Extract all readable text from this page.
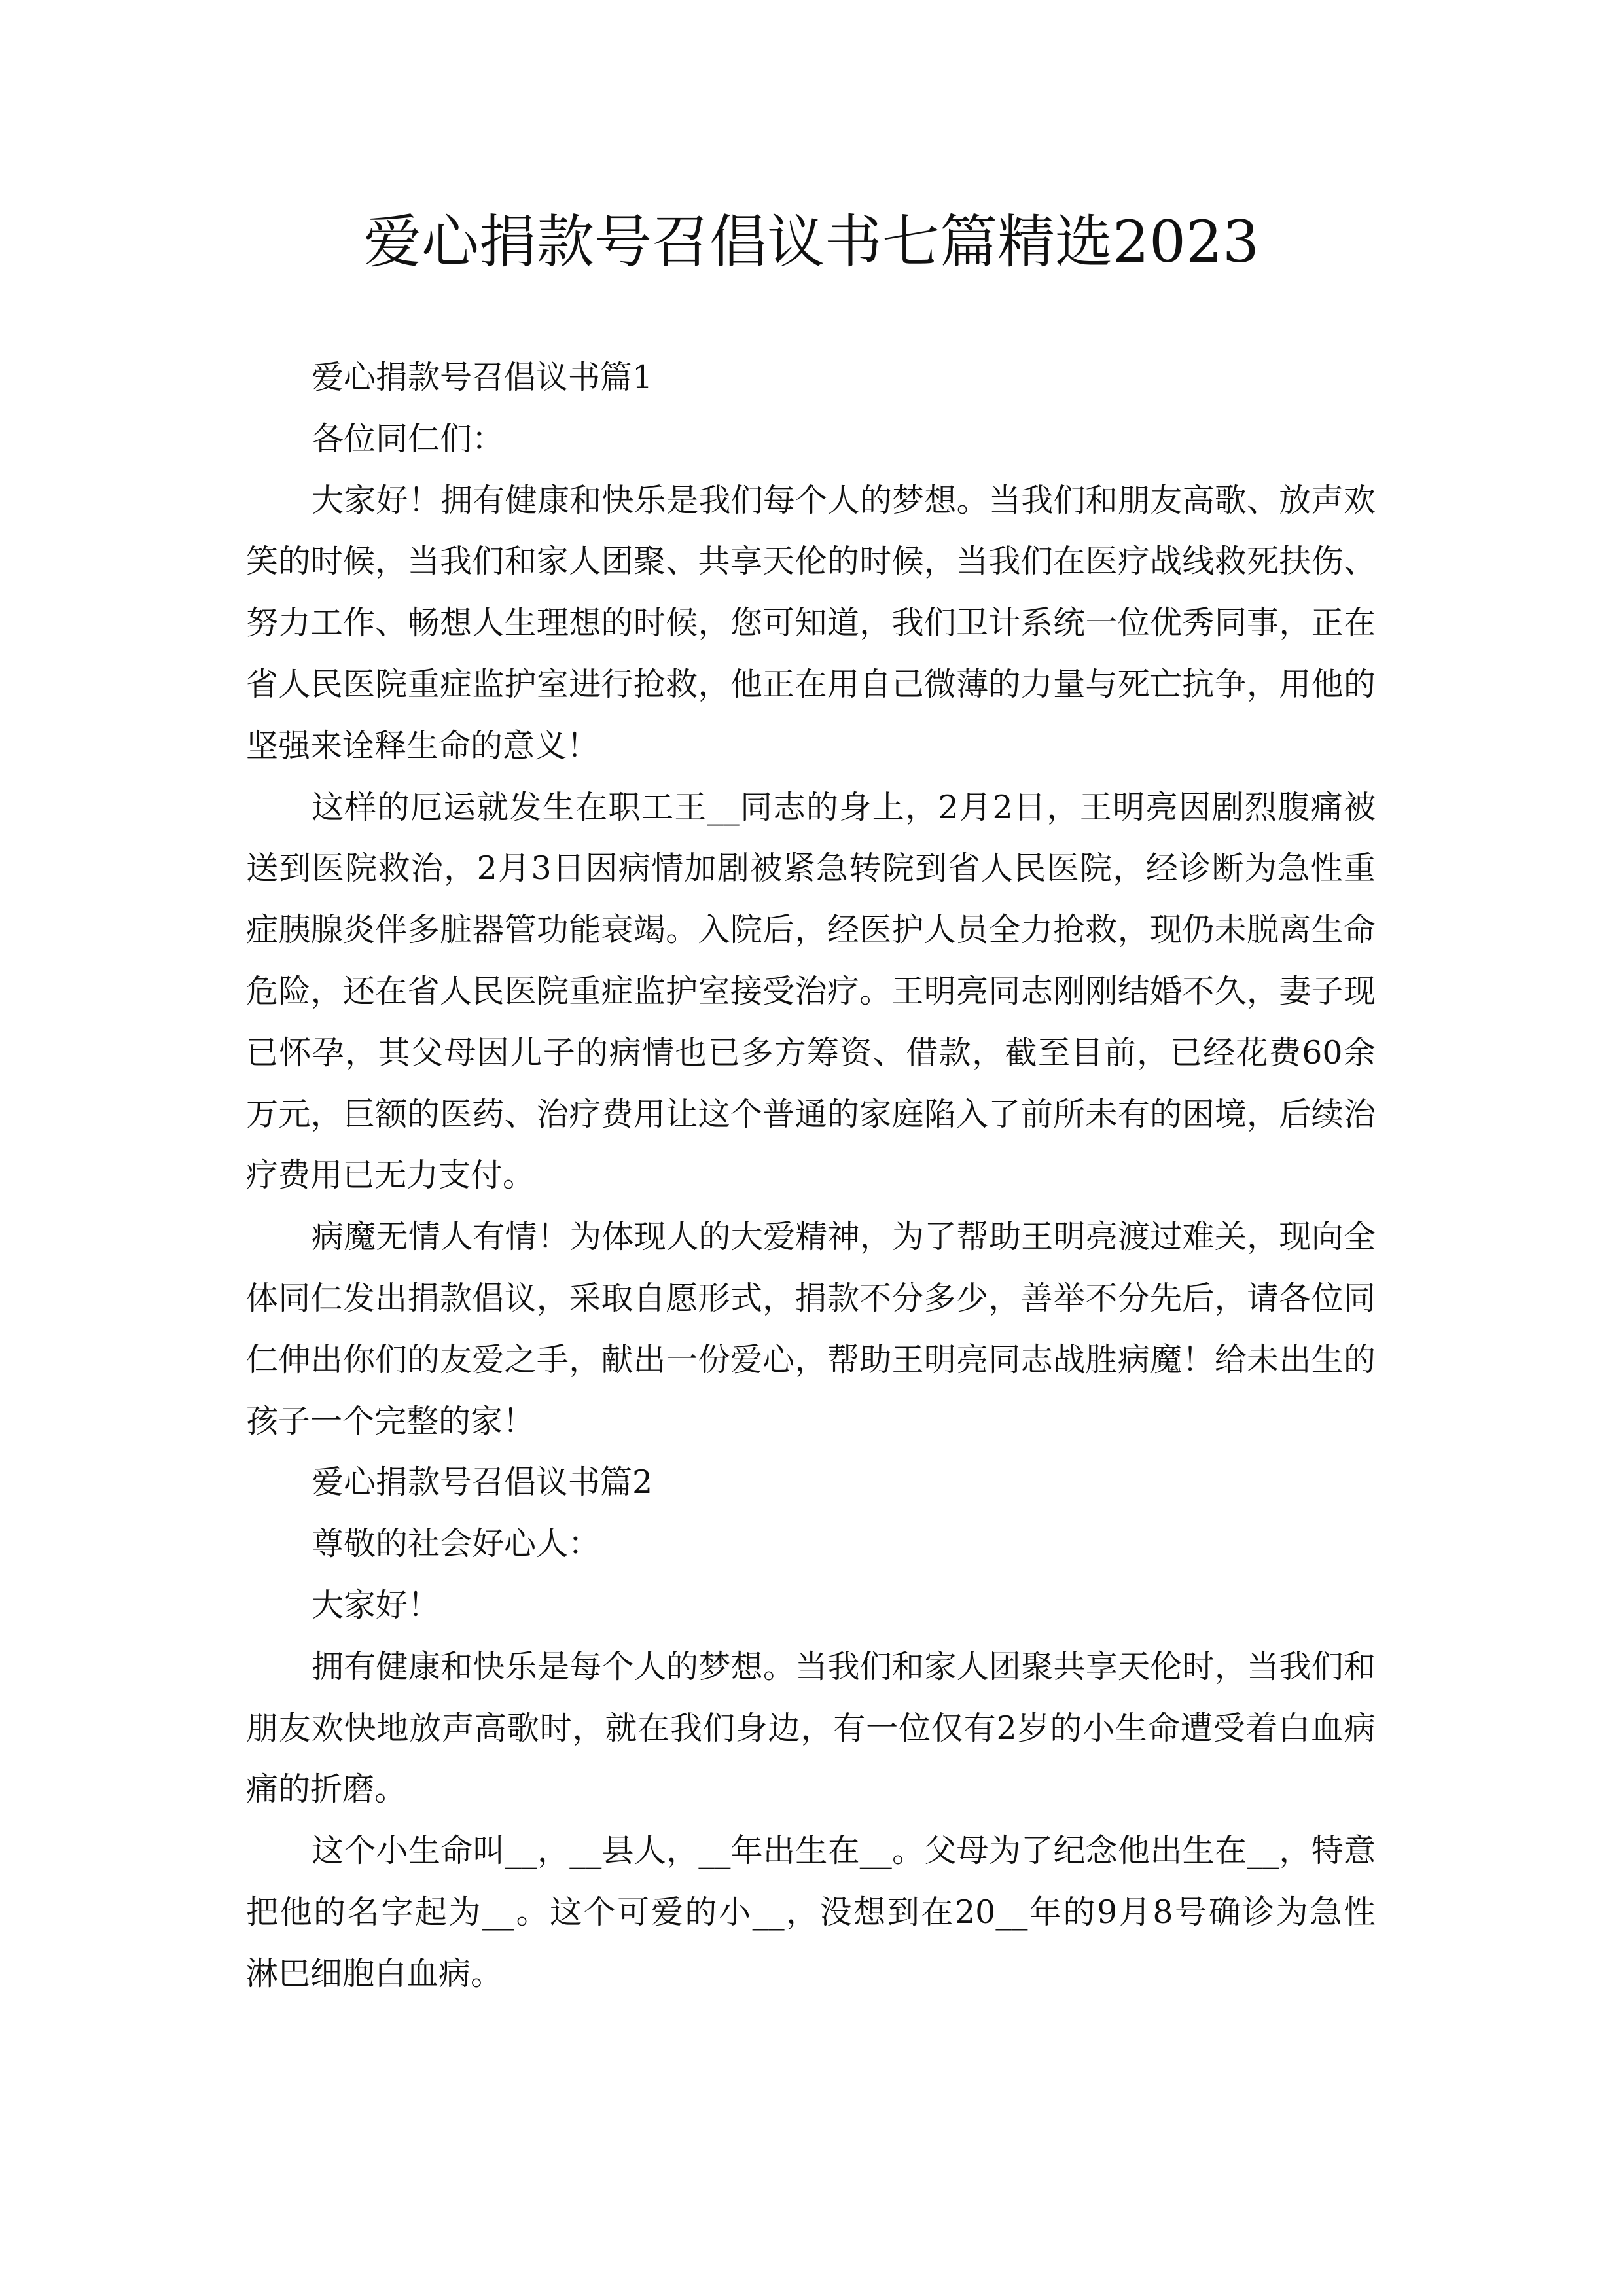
爱心捐款号召倡议书七篇精选2023
爱心捐款号召倡议书篇1
各位同仁们：
大家好！拥有健康和快乐是我们每个人的梦想。当我们和朋友高歌、放声欢
笑的时候，当我们和家人团聚、共享天伦的时候，当我们在医疗战线救死扶伤、
努力工作、畅想人生理想的时候，您可知道，我们卫计系统一位优秀同事，正在
省人民医院重症监护室进行抢救，他正在用自己微薄的力量与死亡抗争，用他的
坚强来诠释生命的意义！
这样的厄运就发生在职工王__同志的身上，2月2日，王明亮因剧烈腹痛被
送到医院救治，2月3日因病情加剧被紧急转院到省人民医院，经诊断为急性重
症胰腺炎伴多脏器管功能衰竭。入院后，经医护人员全力抢救，现仍未脱离生命
危险，还在省人民医院重症监护室接受治疗。王明亮同志刚刚结婚不久，妻子现
已怀孕，其父母因儿子的病情也已多方筹资、借款，截至目前，已经花费60余
万元，巨额的医药、治疗费用让这个普通的家庭陷入了前所未有的困境，后续治
疗费用已无力支付。
病魔无情人有情！为体现人的大爱精神，为了帮助王明亮渡过难关，现向全
体同仁发出捐款倡议，采取自愿形式，捐款不分多少，善举不分先后，请各位同
仁伸出你们的友爱之手，献出一份爱心，帮助王明亮同志战胜病魔！给未出生的
孩子一个完整的家！
爱心捐款号召倡议书篇2
尊敬的社会好心人：
大家好！
拥有健康和快乐是每个人的梦想。当我们和家人团聚共享天伦时，当我们和
朋友欢快地放声高歌时，就在我们身边，有一位仅有2岁的小生命遭受着白血病
痛的折磨。
这个小生命叫__，__县人，__年出生在__。父母为了纪念他出生在__，特意
把他的名字起为__。这个可爱的小__，没想到在20__年的9月8号确诊为急性
淋巴细胞白血病。
